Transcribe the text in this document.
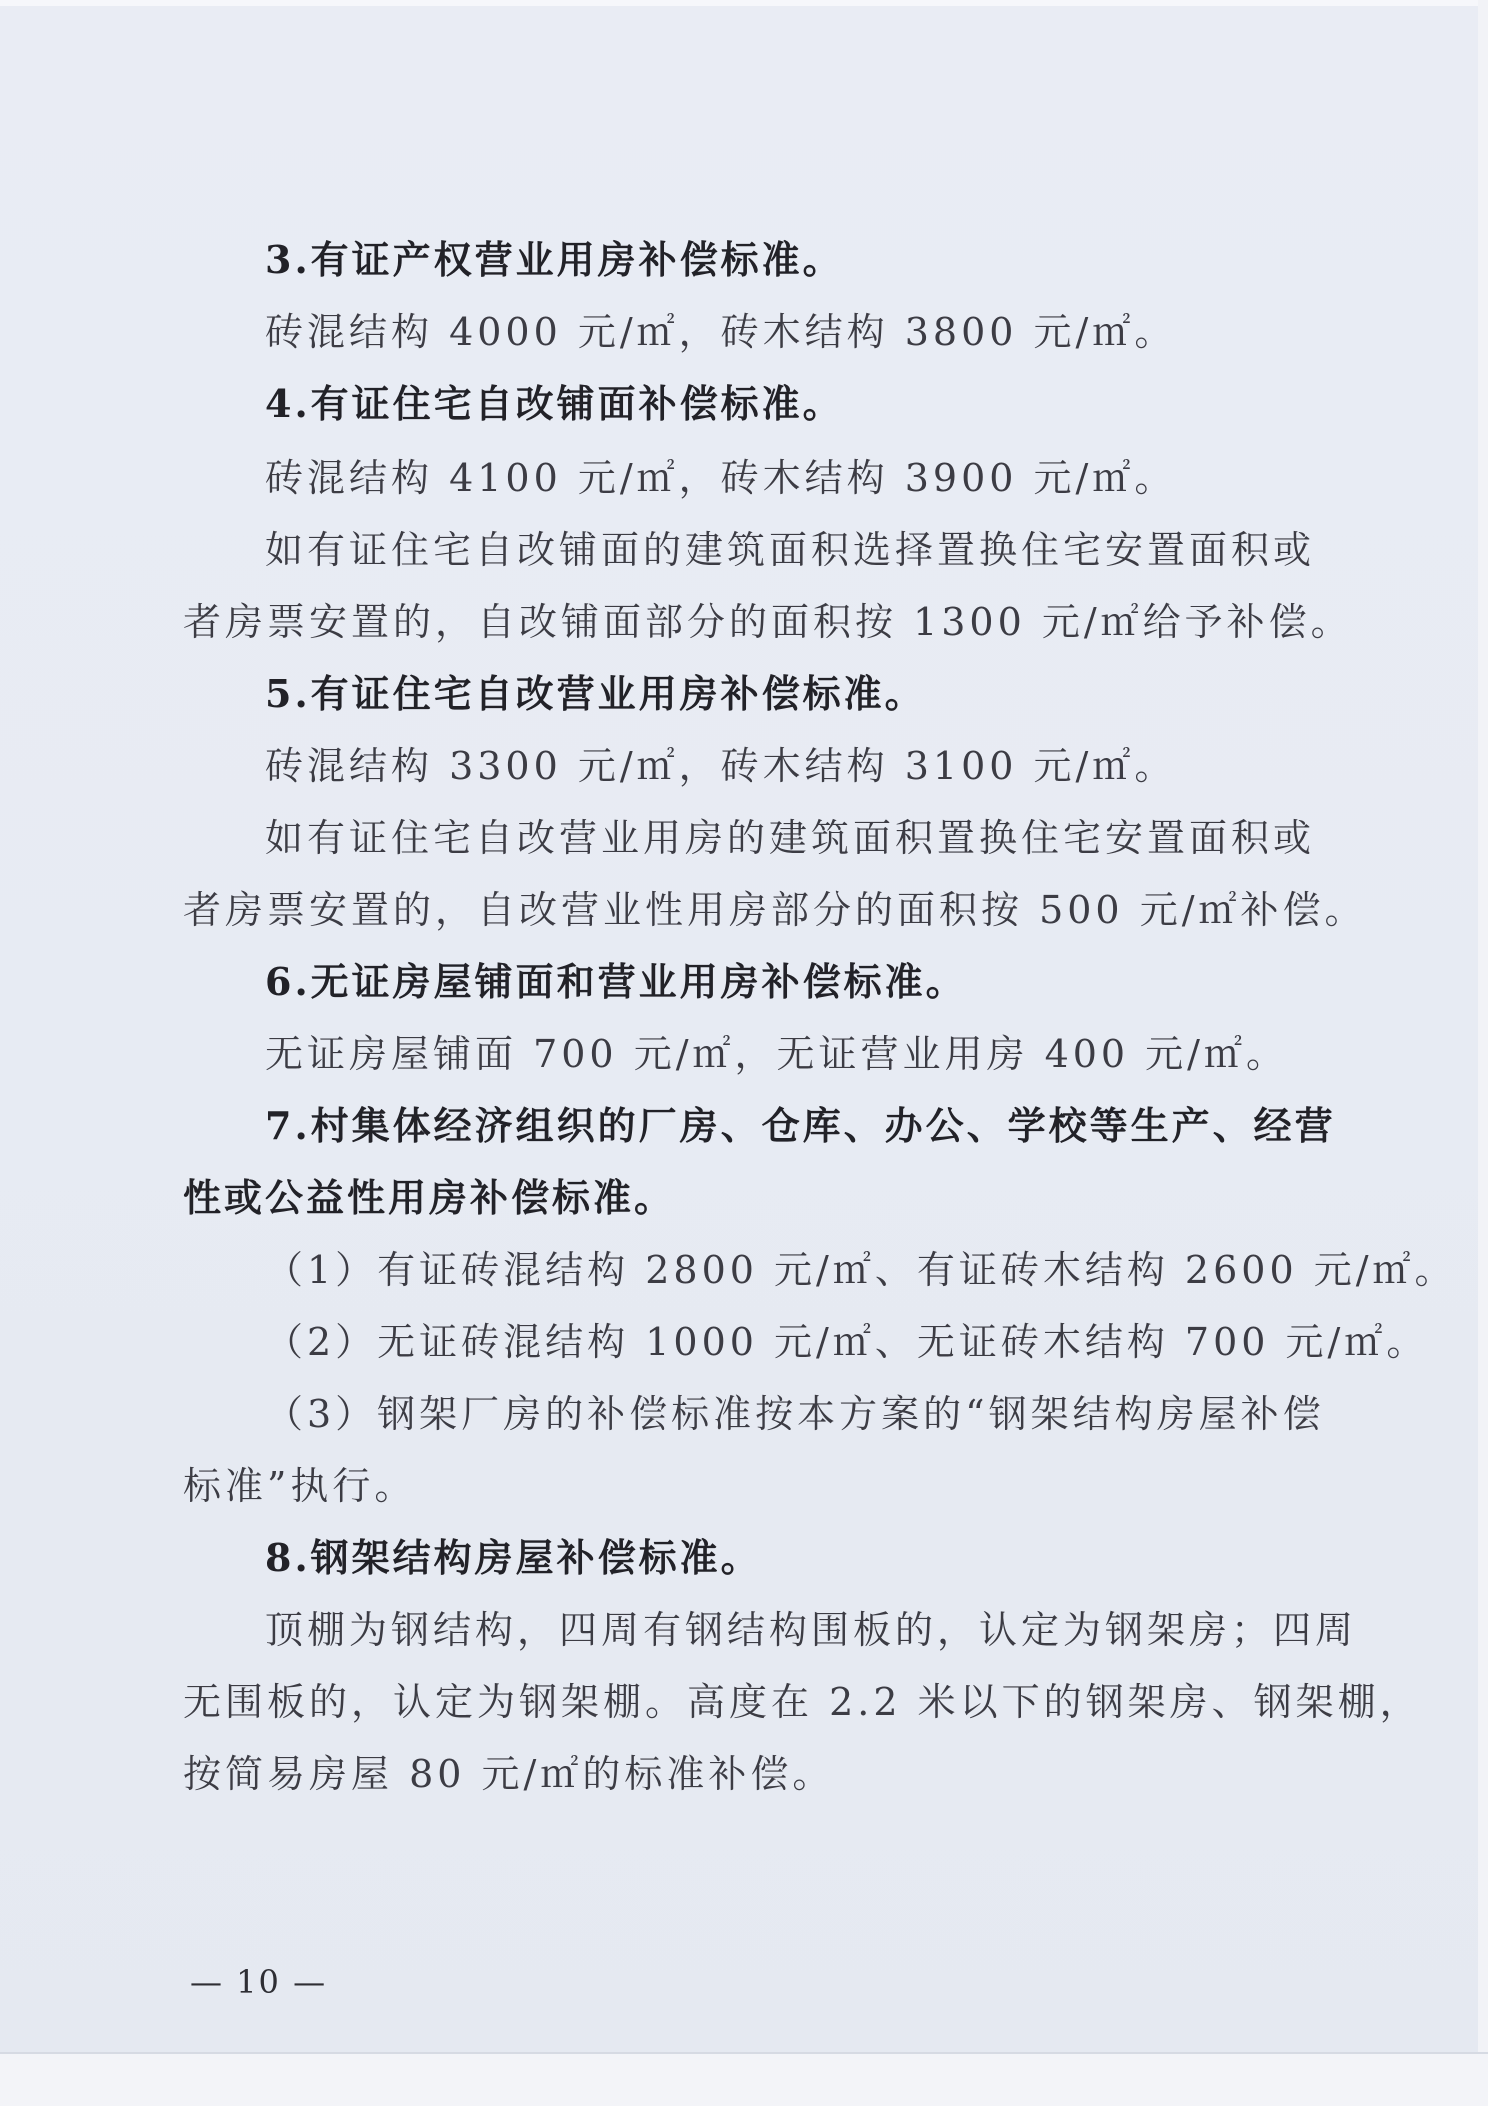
3.有证产权营业用房补偿标准。
砖混结构 4000 元/㎡，砖木结构 3800 元/㎡。
4.有证住宅自改铺面补偿标准。
砖混结构 4100 元/㎡，砖木结构 3900 元/㎡。
如有证住宅自改铺面的建筑面积选择置换住宅安置面积或
者房票安置的，自改铺面部分的面积按 1300 元/㎡给予补偿。
5.有证住宅自改营业用房补偿标准。
砖混结构 3300 元/㎡，砖木结构 3100 元/㎡。
如有证住宅自改营业用房的建筑面积置换住宅安置面积或
者房票安置的，自改营业性用房部分的面积按 500 元/㎡补偿。
6.无证房屋铺面和营业用房补偿标准。
无证房屋铺面 700 元/㎡，无证营业用房 400 元/㎡。
7.村集体经济组织的厂房、仓库、办公、学校等生产、经营
性或公益性用房补偿标准。
（1）有证砖混结构 2800 元/㎡、有证砖木结构 2600 元/㎡。
（2）无证砖混结构 1000 元/㎡、无证砖木结构 700 元/㎡。
（3）钢架厂房的补偿标准按本方案的“钢架结构房屋补偿
标准”执行。
8.钢架结构房屋补偿标准。
顶棚为钢结构，四周有钢结构围板的，认定为钢架房；四周
无围板的，认定为钢架棚。高度在 2.2 米以下的钢架房、钢架棚，
按简易房屋 80 元/㎡的标准补偿。
— 10 —
